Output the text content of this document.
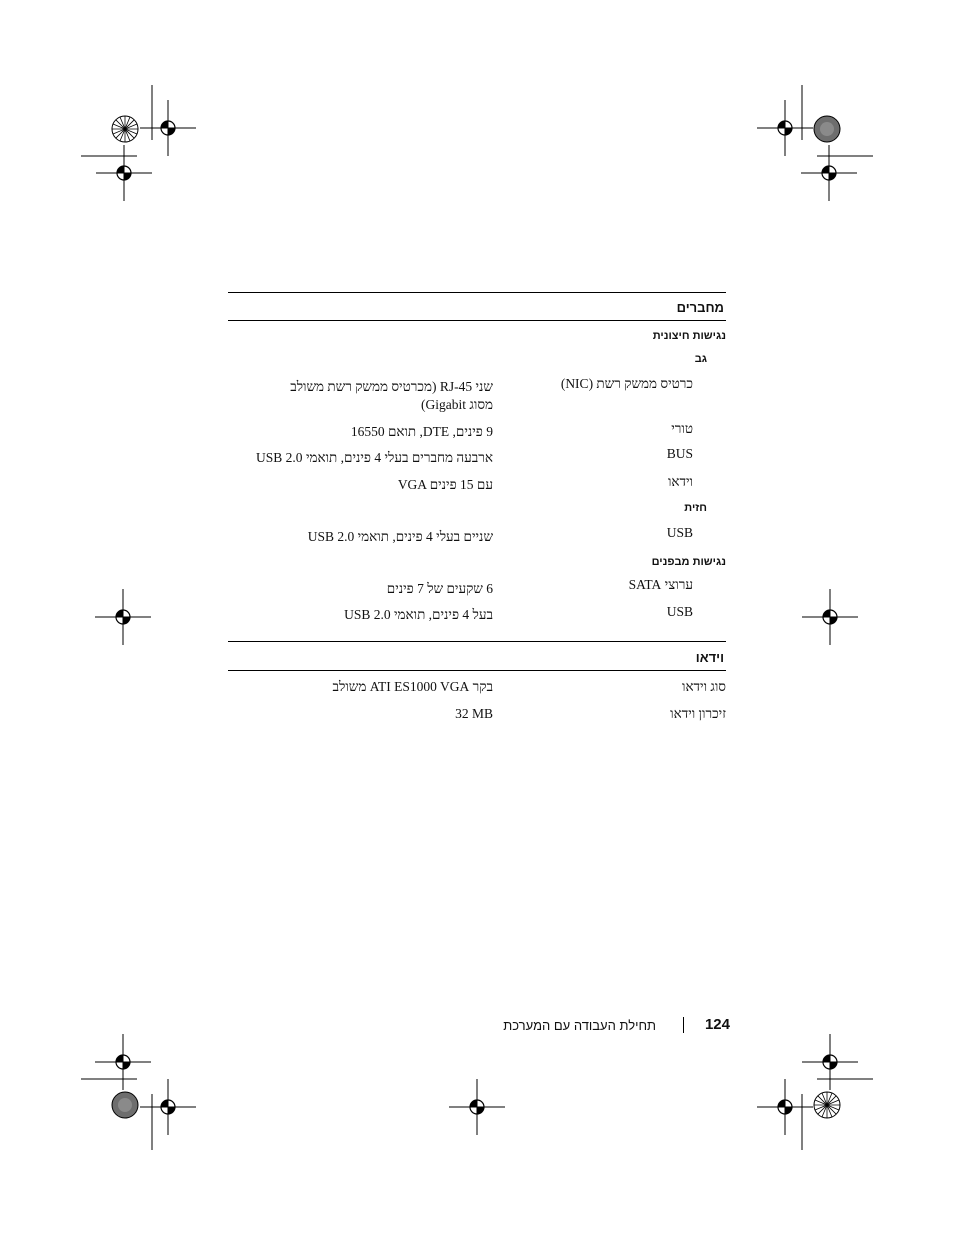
מחברים
נגישות חיצונית
גב
כרטיס ממשק רשת (NIC)
שני 45-RJ (מכרטיס ממשק רשת משולב
מסוג Gigabit)
טורי
9 פינים, DTE, תואם 16550
BUS
ארבעה מחברים בעלי 4 פינים, תואמי USB 2.0
וידאו
VGA עם 15 פינים
חזית
USB
שניים בעלי 4 פינים, תואמי USB 2.0
נגישות מבפנים
ערוצי SATA
6 שקעים של 7 פינים
USB
בעל 4 פינים, תואמי USB 2.0
וידאו
סוג וידאו
בקר ATI ES1000 VGA משולב
זיכרון וידאו
32 MB
תחילת העבודה עם המערכת	124
